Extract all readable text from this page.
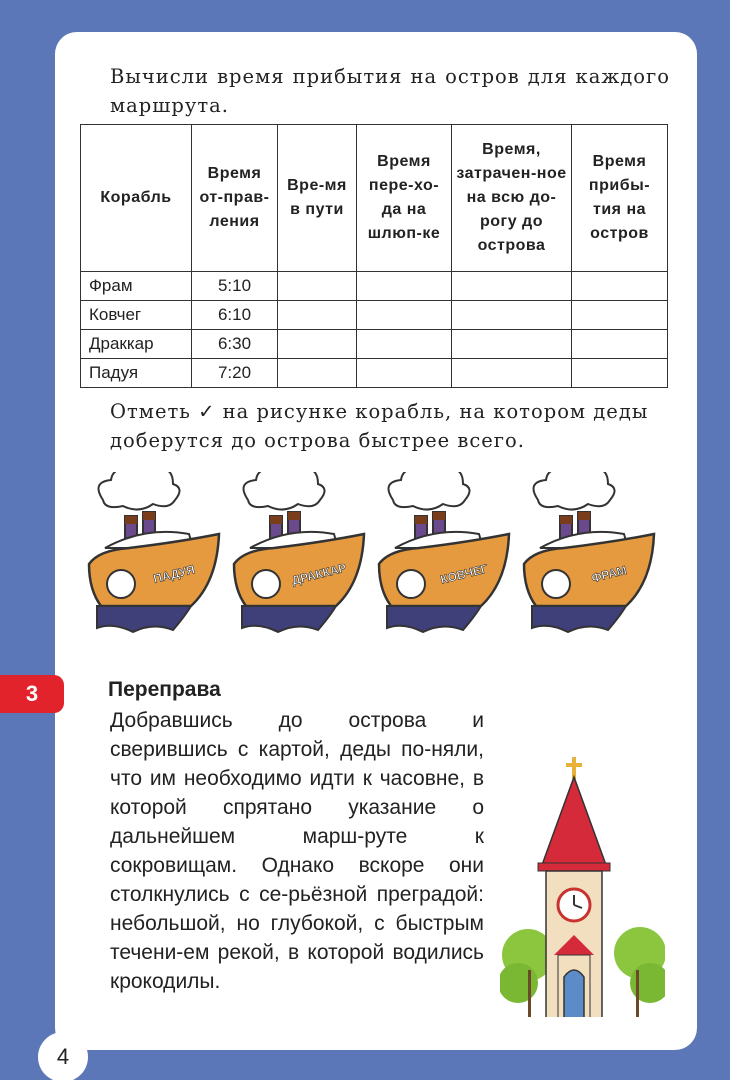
Вычисли время прибытия на остров для каждого маршрута.

Корабль	Время от-прав-ления	Вре-мя в пути	Время пере-хо-да на шлюп-ке	Время, затрачен-ное на всю до-рогу до острова	Время прибы-тия на остров
Фрам	5:10				
Ковчег	6:10				
Драккар	6:30				
Падуя	7:20				
Отметь ✓ на рисунке корабль, на котором деды доберутся до острова быстрее всего.
ПАДУЯ	ДРАККАР	КОВЧЕГ	ФРАМ
Переправа

Добравшись до острова и сверившись с картой, деды по-няли, что им необходимо идти к часовне, в которой спрятано указание о дальнейшем марш-руте к сокровищам. Однако вскоре они столкнулись с се-рьёзной преградой: небольшой, но глубокой, с быстрым течени-ем рекой, в которой водились крокодилы.

3
4
